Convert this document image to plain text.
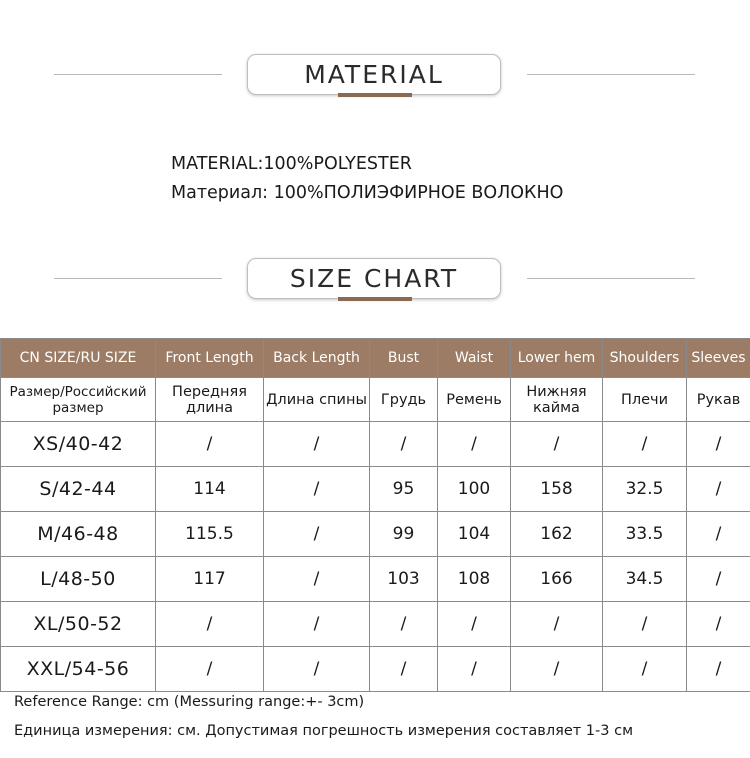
MATERIAL
MATERIAL:100%POLYESTER
Материал: 100%ПОЛИЭФИРНОЕ ВОЛОКНО
SIZE CHART
CN SIZE/RU SIZE	Front Length	Back Length	Bust	Waist	Lower hem	Shoulders	Sleeves
Размер/Российский размер	Передняя длина	Длина спины	Грудь	Ремень	Нижняя кайма	Плечи	Рукав
XS/40-42	/	/	/	/	/	/	/
S/42-44	114	/	95	100	158	32.5	/
M/46-48	115.5	/	99	104	162	33.5	/
L/48-50	117	/	103	108	166	34.5	/
XL/50-52	/	/	/	/	/	/	/
XXL/54-56	/	/	/	/	/	/	/
Reference Range: cm (Messuring range:+- 3cm)
Единица измерения: см. Допустимая погрешность измерения составляет 1-3 см
